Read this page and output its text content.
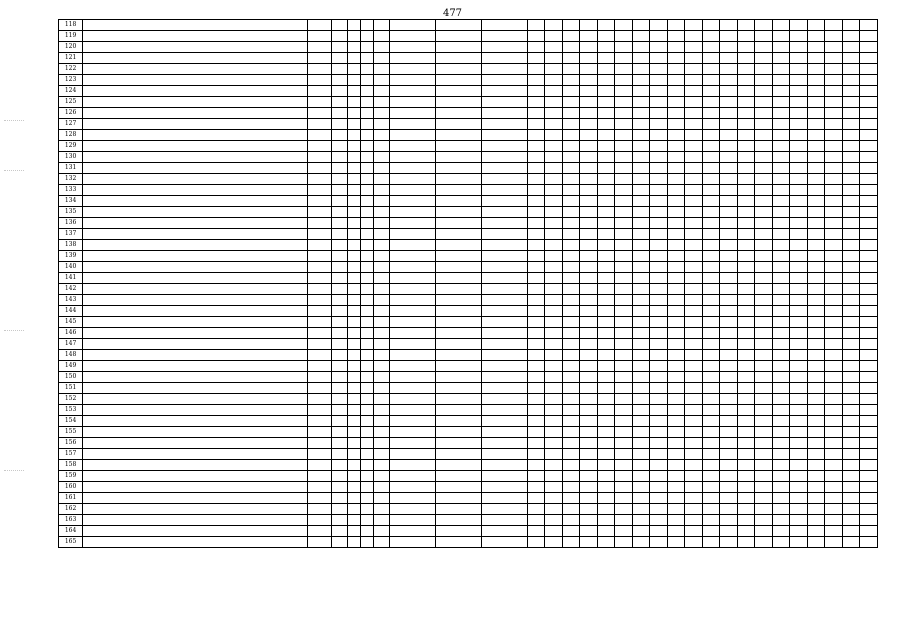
477
118																													
119																													
120																													
121																													
122																													
123																													
124																													
125																													
126																													
127																													
128																													
129																													
130																													
131																													
132																													
133																													
134																													
135																													
136																													
137																													
138																													
139																													
140																													
141																													
142																													
143																													
144																													
145																													
146																													
147																													
148																													
149																													
150																													
151																													
152																													
153																													
154																													
155																													
156																													
157																													
158																													
159																													
160																													
161																													
162																													
163																													
164																													
165																													
